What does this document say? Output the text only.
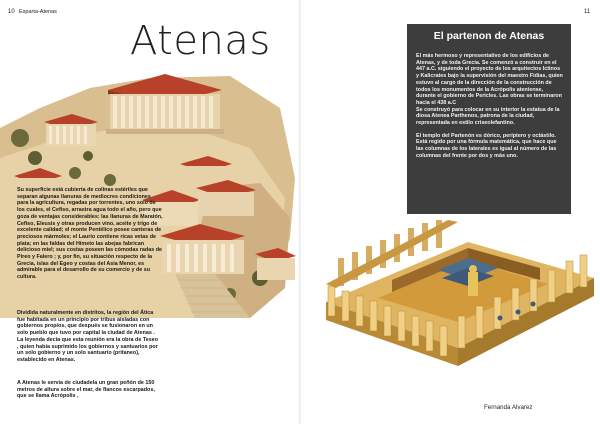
10 Esparta-Atenas	11
Atenas
Su superficie está cubierta de colinas estériles que separan algunas llanuras de mediocres condiciones para la agricultura, regadas por torrentes, uno solo de los cuales, el Cefiso, arrastra agua todo el año, pero que goza de ventajas considerables: las llanuras de Maratón, Cefiso, Eleusis y otras producen vino, aceite y trigo de excelente calidad; el monte Pentélico posee canteras de preciosos mármoles; el Laurio contiene ricas vetas de plata; en las faldas del Himeto las abejas fabrican delicioso miel; sus costas poseen las cómodas radas de Pireo y Falero ; y, por fin, su situación respecto de la Grecia, islas del Egeo y costas del Asia Menor, es admirable para el desarrollo de su comercio y de su cultura.
Dividida naturalmente en distritos, la región del Ática fue habitada en un principio por tribus aisladas con gobiernos propios, que después se fusionaron en un solo pueblo que tuvo por capital la ciudad de Atenas . La leyenda decía que esta reunión era la obra de Teseo , quien había suprimido los gobiernos y santuarios por un solo gobierno y un solo santuario (pritaneo), establecido en Atenas.
A Atenas le servía de ciudadela un gran peñón de 150 metros de altura sobre el mar, de flancos escarpados, que se llama Acrópolis ,
El partenon de Atenas
El más hermoso y representativo de los edificios de Atenas, y de toda Grecia. Se comenzó a construir en el 447 a.C. siguiendo el proyecto de los arquitectos Ictinos y Kalicrates bajo la supervisión del maestro Fidias, quien estuvo al cargo de la dirección de la construcción de todos los monumentos de la Acrópolis ateniense, durante el gobierno de Pericles. Las obras se terminaron hacia el 438 a.C
Se construyó para colocar en su interior la estatua de la diosa Atenea Parthenos, patrona de la ciudad, representada en estilo criseolefantino.
El templo del Partenón es dórico, períptero y octástilo. Está regido por una fórmula matemática, que hace que las columnas de los laterales es igual al número de las columnas del frente por dos y más uno.
Fernanda Alvarez
